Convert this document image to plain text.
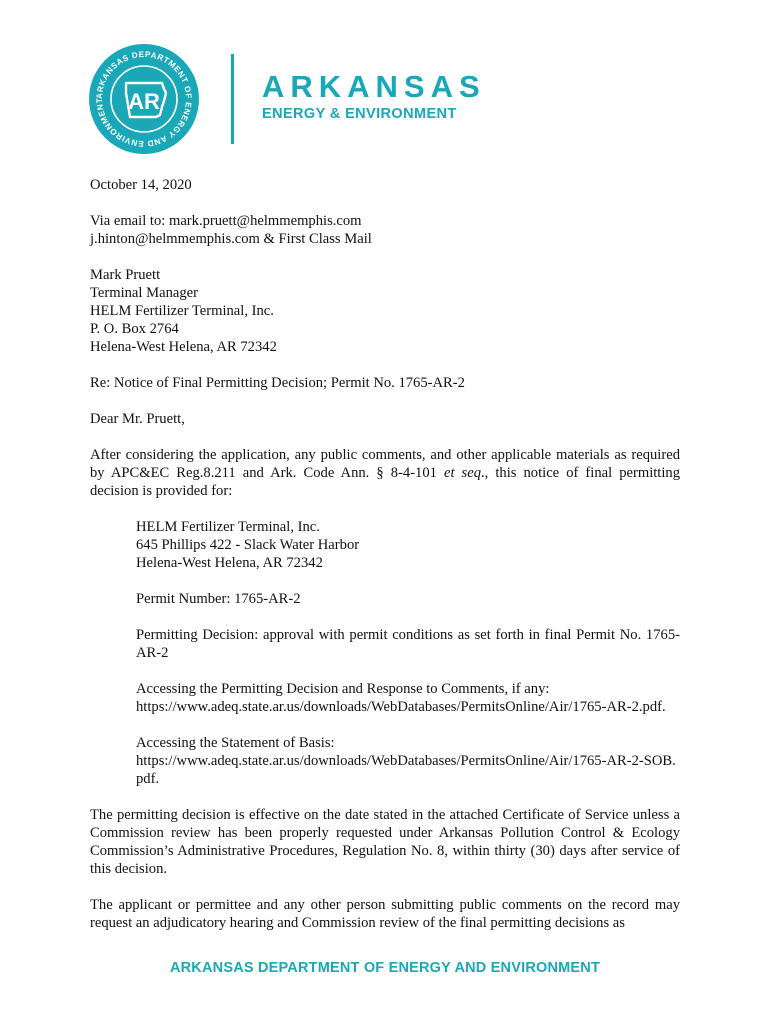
ARKANSAS DEPARTMENT OF ENERGY AND ENVIRONMENT	AR	ARKANSAS
ENERGY & ENVIRONMENT

October 14, 2020

Via email to: mark.pruett@helmmemphis.com
j.hinton@helmmemphis.com & First Class Mail

Mark Pruett
Terminal Manager
HELM Fertilizer Terminal, Inc.
P. O. Box 2764
Helena-West Helena, AR 72342

Re: Notice of Final Permitting Decision; Permit No. 1765-AR-2

Dear Mr. Pruett,

After considering the application, any public comments, and other applicable materials as required by APC&EC Reg.8.211 and Ark. Code Ann. § 8-4-101 et seq., this notice of final permitting decision is provided for:

HELM Fertilizer Terminal, Inc.
645 Phillips 422 - Slack Water Harbor
Helena-West Helena, AR 72342

Permit Number: 1765-AR-2

Permitting Decision: approval with permit conditions as set forth in final Permit No. 1765-AR-2

Accessing the Permitting Decision and Response to Comments, if any:
https://www.adeq.state.ar.us/downloads/WebDatabases/PermitsOnline/Air/1765-AR-2.pdf.

Accessing the Statement of Basis:
https://www.adeq.state.ar.us/downloads/WebDatabases/PermitsOnline/Air/1765-AR-2-SOB.pdf.

The permitting decision is effective on the date stated in the attached Certificate of Service unless a Commission review has been properly requested under Arkansas Pollution Control & Ecology Commission’s Administrative Procedures, Regulation No. 8, within thirty (30) days after service of this decision.

The applicant or permittee and any other person submitting public comments on the record may request an adjudicatory hearing and Commission review of the final permitting decisions as

ARKANSAS DEPARTMENT OF ENERGY AND ENVIRONMENT
